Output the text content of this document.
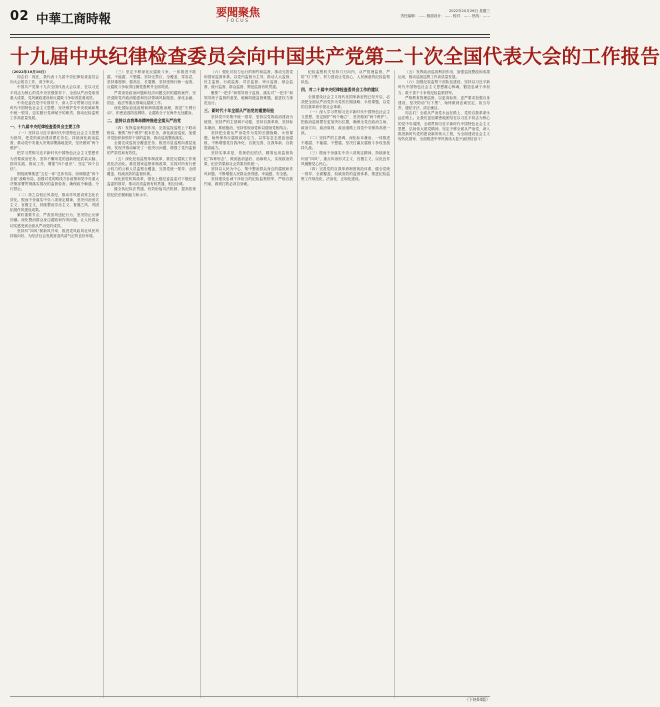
02 中華工商時報	要聞聚焦
FOCUS
2022年10月26日 星期三
责任编辑：…… 版面设计：…… 校对：…… 热线：……
十九届中央纪律检查委员会向中国共产党第二十次全国代表大会的工作报告

（2022年10月16日）

同志们：现在，我代表十九届中央纪律检查委员会向大会报告工作，请予审议。

中国共产党第十九次全国代表大会以来，在以习近平同志为核心的党中央坚强领导下，全面从严治党取得重大成果，党风廉政建设和反腐败斗争取得显著成效。

中央纪委在党中央领导下，深入学习贯彻习近平新时代中国特色社会主义思想，坚决维护党中央权威和集中统一领导，忠实履行党章赋予的职责，推动纪检监察工作高质量发展。

一、十九届中央纪律检查委员会主要工作

（一）坚持以习近平新时代中国特色社会主义思想为指导，把党的政治建设摆在首位。持续深化政治监督，推动党中央重大决策部署落地见效，坚决做到“两个维护”。

把学习贯彻习近平新时代中国特色社会主义思想作为首要政治任务，坚持不懈用党的创新理论武装头脑、指导实践、推动工作，增强“四个意识”、坚定“四个自信”。

围绕统筹推进“五位一体”总体布局、协调推进“四个全面”战略布局，加强对党的路线方针政策和党中央重大决策部署贯彻落实情况的监督检查，确保政令畅通、令行禁止。

（二）持之以恒正风肃纪，推动作风建设常态化长效化。锲而不舍落实中央八项规定精神，坚决纠治形式主义、官僚主义，持续整治享乐主义、奢靡之风，巩固拓展作风建设成果。

紧盯重要节点，严查顶风违纪行为，坚决防止反弹回潮。深化整治群众身边腐败和作风问题，让人民群众切实感受到全面从严治党的成效。

坚持纠“四风”树新风并举，推进党风政风社风民风持续向好，为经济社会发展营造风清气正的良好环境。

（三）坚定不移深化反腐败斗争，一体推进不敢腐、不能腐、不想腐。坚持无禁区、全覆盖、零容忍，坚持重遏制、强高压、长震慑，坚持受贿行贿一起查，反腐败斗争取得压倒性胜利并全面巩固。

严肃查处政治问题和经济问题交织的腐败案件，坚决清除党内政治隐患和经济领域风险隐患，深化金融、国企、政法等重点领域反腐败工作。

深化国际追逃追赃和跨境腐败治理，推进“天网行动”，织密追逃防逃网络，让腐败分子在海外无处藏身。

二、坚持以自我革命精神推进全面从严治党

（四）发挥巡视利剑作用，完善巡视巡察上下联动格局。聚焦“两个维护”根本任务，深化政治巡视，加强对党组织和领导干部的监督，推动巡视整改落实。

全面完成巡视全覆盖任务，推进市县巡察向基层延伸，发现并推动解决了一批突出问题，增强了党内监督的严肃性和有效性。

（五）深化纪检监察体制改革，推进反腐败工作规范化法治化。推进国家监察体制改革，实现对所有行使公权力的公职人员监察全覆盖，完善党统一领导、全面覆盖、权威高效的监督体系。

深化派驻机构改革，强化上级纪委监委对下级纪委监委的领导，推动各类监督有机贯通、相互协调。

健全执纪执法贯通、有效衔接司法机制，提高依规依纪依法履职能力和水平。

（六）强化对权力运行的制约和监督，推动完善党和国家监督体系。以党内监督为主导，推动人大监督、民主监督、行政监督、司法监督、审计监督、财会监督、统计监督、群众监督、舆论监督有机贯通。

聚焦“一把手”和领导班子监督，落实对“一把手”和领导班子监督的意见，破解同级监督难题，促进权力规范运行。

三、新时代十年全面从严治党的重要经验

坚持党中央集中统一领导，坚持以党的政治建设为统领，坚持严的主基调不动摇，坚持自我革命，坚持标本兼治、系统施治，坚持依规治党和以德治党相结合。

坚持把全面从严治党作为党的长期战略、永恒课题，始终保持反腐败政治定力，以零容忍态度惩治腐败，不断增强党自我净化、自我完善、自我革新、自我提高能力。

坚持实事求是、依规依纪依法，精准运用监督执纪“四种形态”，做到惩前毖后、治病救人，实现政治效果、纪法效果和社会效果有机统一。

坚持以人民为中心，集中整治群众身边的腐败和作风问题，不断增强人民群众获得感、幸福感、安全感。

坚持建设忠诚干净担当的纪检监察铁军，严格自我约束，做到打铁必须自身硬。

纪检监察机关坚持刀刃向内，从严管理监督，严防“灯下黑”，努力建设让党放心、人民满意的纪检监察队伍。

四、对二十届中央纪律检查委员会工作的建议

全面建设社会主义现代化国家新征程已经开启，必须把全面从严治党作为党的长期战略、永恒课题，以党的自我革命引领社会革命。

（一）深入学习贯彻习近平新时代中国特色社会主义思想，坚定拥护“两个确立”、坚决做到“两个维护”。把政治监督摆在更加突出位置，确保全党在政治立场、政治方向、政治原则、政治道路上同党中央保持高度一致。

（二）坚持严的主基调，深化标本兼治，一体推进不敢腐、不能腐、不想腐，坚决打赢反腐败斗争攻坚战持久战。

（三）锲而不舍落实中央八项规定精神，持续深化纠治“四风”，重点纠治形式主义、官僚主义，以优良作风凝聚党心民心。

（四）完善党的自我革命制度规范体系，健全党统一领导、全面覆盖、权威高效的监督体系，推进纪检监察工作规范化、法治化、正规化建设。

（五）发挥政治巡视利剑作用，加强巡视整改和成果运用，推动巡视巡察工作高质量发展。

（六）加强纪检监察干部队伍建设，坚持以习近平新时代中国特色社会主义思想凝心铸魂，锻造忠诚干净担当、敢于善于斗争的纪检监察铁军。

严格教育管理监督，以更高标准、更严要求加强自身建设，坚决防治“灯下黑”，始终做到忠诚坚定、担当尽责、遵纪守法、清正廉洁。

同志们！全面从严治党永远在路上，党的自我革命永远在路上。让我们更加紧密地团结在以习近平同志为核心的党中央周围，全面贯彻习近平新时代中国特色社会主义思想，弘扬伟大建党精神，坚定不移全面从严治党，深入推进新时代党的建设新的伟大工程，为全面建设社会主义现代化国家、全面推进中华民族伟大复兴而团结奋斗！

（下转04版）
